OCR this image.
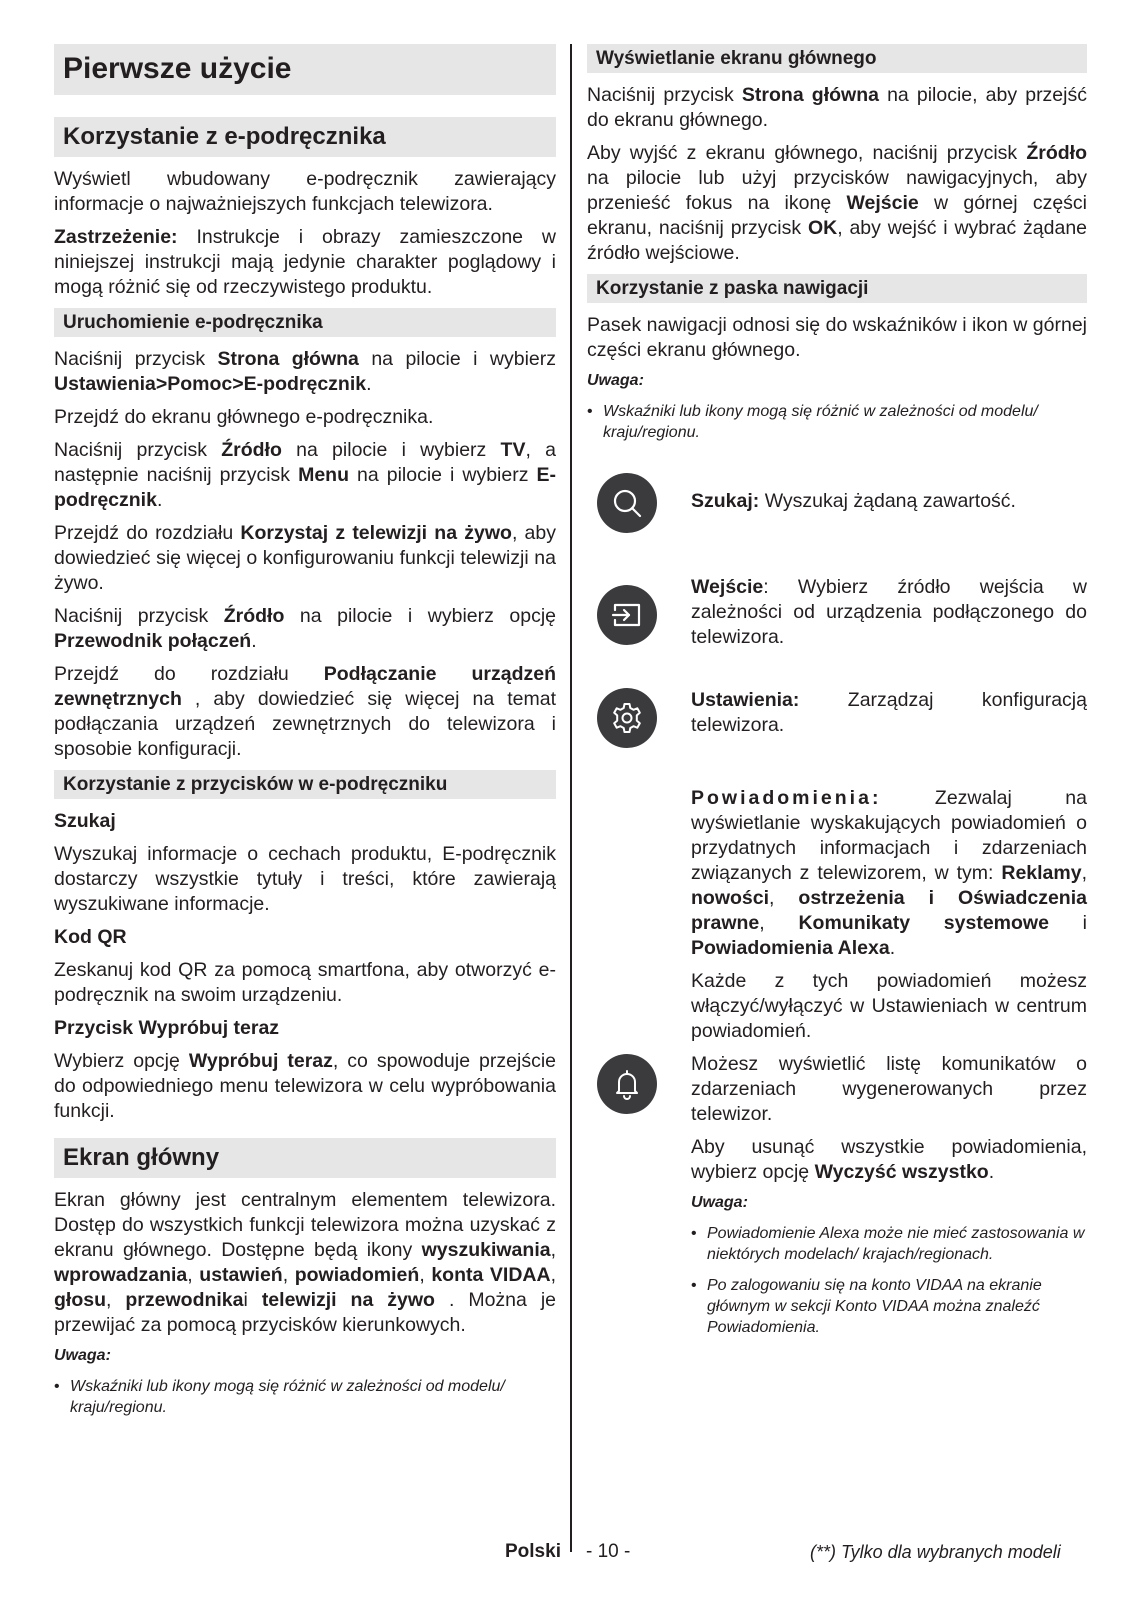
Pierwsze użycie
Korzystanie z e-podręcznika

Wyświetl wbudowany e-podręcznik zawierający informacje o najważniejszych funkcjach telewizora.

Zastrzeżenie: Instrukcje i obrazy zamieszczone w niniejszej instrukcji mają jedynie charakter poglądowy i mogą różnić się od rzeczywistego produktu.

Uruchomienie e-podręcznika

Naciśnij przycisk Strona główna na pilocie i wybierz Ustawienia>Pomoc>E-podręcznik.

Przejdź do ekranu głównego e-podręcznika.

Naciśnij przycisk Źródło na pilocie i wybierz TV, a następnie naciśnij przycisk Menu na pilocie i wybierz E-podręcznik.

Przejdź do rozdziału Korzystaj z telewizji na żywo, aby dowiedzieć się więcej o konfigurowaniu funkcji telewizji na żywo.

Naciśnij przycisk Źródło na pilocie i wybierz opcję Przewodnik połączeń.

Przejdź do rozdziału Podłączanie urządzeń zewnętrznych , aby dowiedzieć się więcej na temat podłączania urządzeń zewnętrznych do telewizora i sposobie konfiguracji.

Korzystanie z przycisków w e-podręczniku
Szukaj

Wyszukaj informacje o cechach produktu, E-podręcznik dostarczy wszystkie tytuły i treści, które zawierają wyszukiwane informacje.

Kod QR

Zeskanuj kod QR za pomocą smartfona, aby otworzyć e-podręcznik na swoim urządzeniu.

Przycisk Wypróbuj teraz

Wybierz opcję Wypróbuj teraz, co spowoduje przejście do odpowiedniego menu telewizora w celu wypróbowania funkcji.

Ekran główny

Ekran główny jest centralnym elementem telewizora. Dostęp do wszystkich funkcji telewizora można uzyskać z ekranu głównego. Dostępne będą ikony wyszukiwania, wprowadzania, ustawień, powiadomień, konta VIDAA, głosu, przewodnikai telewizji na żywo . Można je przewijać za pomocą przycisków kierunkowych.

Uwaga:
• Wskaźniki lub ikony mogą się różnić w zależności od modelu/ kraju/regionu.
Wyświetlanie ekranu głównego

Naciśnij przycisk Strona główna na pilocie, aby przejść do ekranu głównego.

Aby wyjść z ekranu głównego, naciśnij przycisk Źródło na pilocie lub użyj przycisków nawigacyjnych, aby przenieść fokus na ikonę Wejście w górnej części ekranu, naciśnij przycisk OK, aby wejść i wybrać żądane źródło wejściowe.

Korzystanie z paska nawigacji

Pasek nawigacji odnosi się do wskaźników i ikon w górnej części ekranu głównego.

Uwaga:
• Wskaźniki lub ikony mogą się różnić w zależności od modelu/ kraju/regionu.

Szukaj: Wyszukaj żądaną zawartość.

Wejście: Wybierz źródło wejścia w zależności od urządzenia podłączonego do telewizora.

Ustawienia: Zarządzaj konfiguracją telewizora.

Powiadomienia: Zezwalaj na wyświetlanie wyskakujących powiadomień o przydatnych informacjach i zdarzeniach związanych z telewizorem, w tym: Reklamy, nowości, ostrzeżenia i Oświadczenia prawne, Komunikaty systemowe i Powiadomienia Alexa.

Każde z tych powiadomień możesz włączyć/wyłączyć w Ustawieniach w centrum powiadomień.

Możesz wyświetlić listę komunikatów o zdarzeniach wygenerowanych przez telewizor.

Aby usunąć wszystkie powiadomienia, wybierz opcję Wyczyść wszystko.

Uwaga:
• Powiadomienie Alexa może nie mieć zastosowania w niektórych modelach/ krajach/regionach.
• Po zalogowaniu się na konto VIDAA na ekranie głównym w sekcji Konto VIDAA można znaleźć Powiadomienia.
Polski - 10 -	(**) Tylko dla wybranych modeli
